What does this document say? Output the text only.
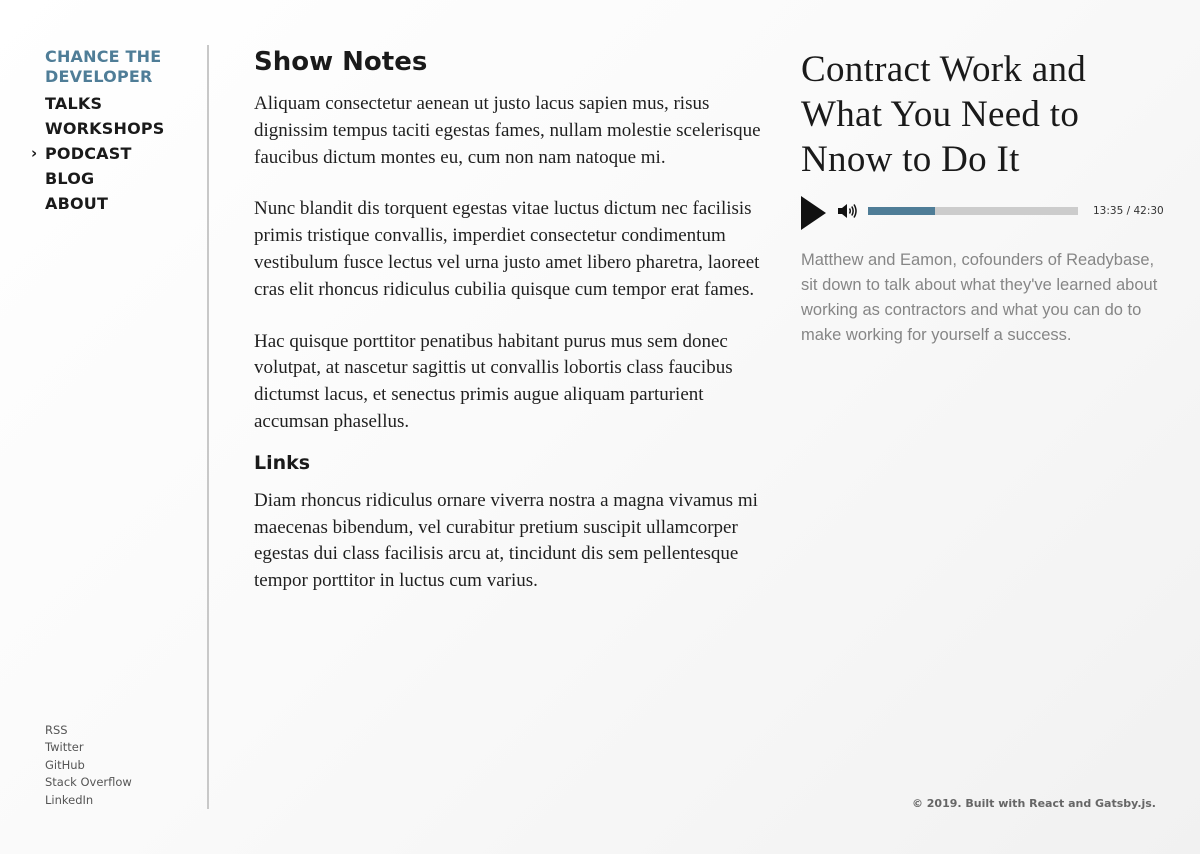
CHANCE THE DEVELOPER
TALKS
WORKSHOPS
› PODCAST
BLOG
ABOUT
RSS
Twitter
GitHub
Stack Overflow
LinkedIn
Show Notes

Aliquam consectetur aenean ut justo lacus sapien mus, risus dignissim tempus taciti egestas fames, nullam molestie scelerisque faucibus dictum montes eu, cum non nam natoque mi.

Nunc blandit dis torquent egestas vitae luctus dictum nec facilisis primis tristique convallis, imperdiet consectetur condimentum vestibulum fusce lectus vel urna justo amet libero pharetra, laoreet cras elit rhoncus ridiculus cubilia quisque cum tempor erat fames.

Hac quisque porttitor penatibus habitant purus mus sem donec volutpat, at nascetur sagittis ut convallis lobortis class faucibus dictumst lacus, et senectus primis augue aliquam parturient accumsan phasellus.

Links

Diam rhoncus ridiculus ornare viverra nostra a magna vivamus mi maecenas bibendum, vel curabitur pretium suscipit ullamcorper egestas dui class facilisis arcu at, tincidunt dis sem pellentesque tempor porttitor in luctus cum varius.

Contract Work and What You Need to Nnow to Do It
13:35 / 42:30

Matthew and Eamon, cofounders of Readybase, sit down to talk about what they've learned about working as contractors and what you can do to make working for yourself a success.

© 2019. Built with React and Gatsby.js.
